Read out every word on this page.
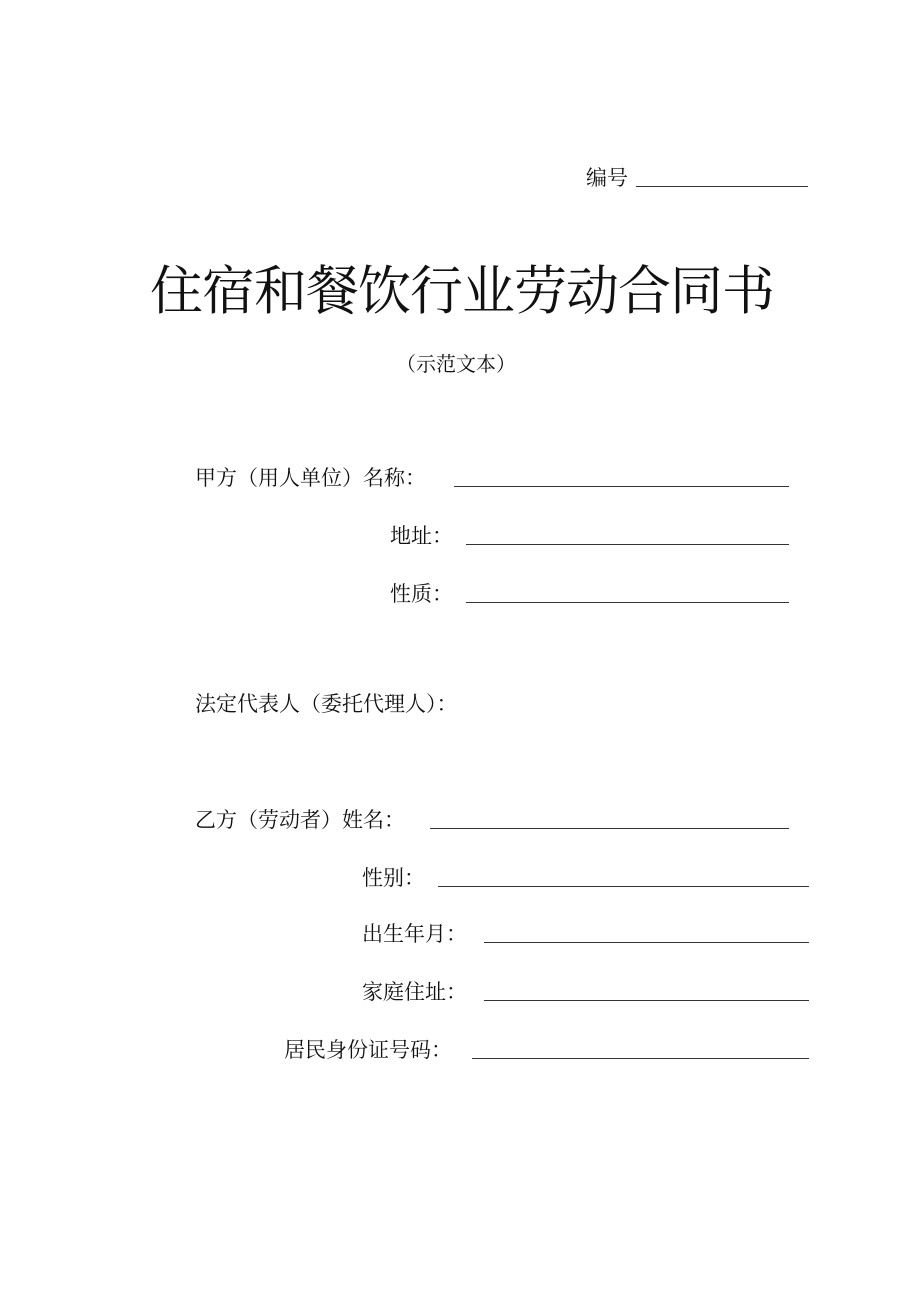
编号
住宿和餐饮行业劳动合同书
（示范文本）
甲方（用人单位）名称：
地址：
性质：
法定代表人（委托代理人）：
乙方（劳动者）姓名：
性别：
出生年月：
家庭住址：
居民身份证号码：
